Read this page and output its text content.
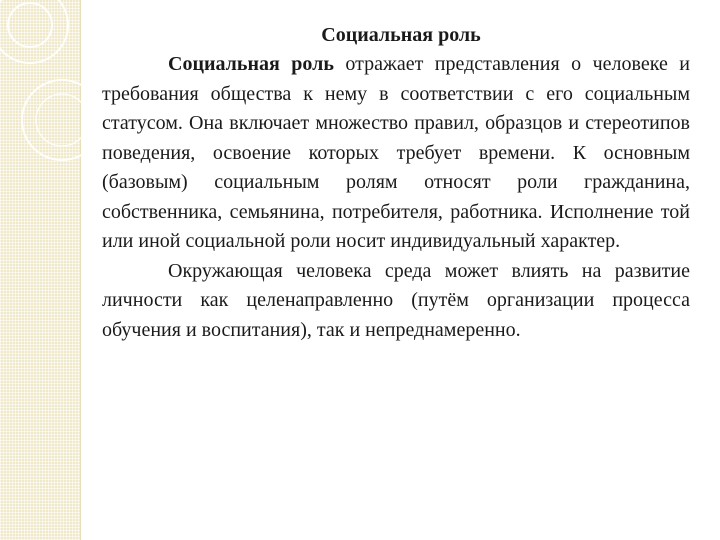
Социальная роль

Социальная роль отражает представления о человеке и требования общества к нему в соответствии с его социальным статусом. Она включает множество правил, образцов и стереотипов поведения, освоение которых требует времени. К основным (базовым) социальным ролям относят роли гражданина, собственника, семьянина, потребителя, работника. Исполнение той или иной социальной роли носит индивидуальный характер.

Окружающая человека среда может влиять на развитие личности как целенаправленно (путём организации процесса обучения и воспитания), так и непреднамеренно.
